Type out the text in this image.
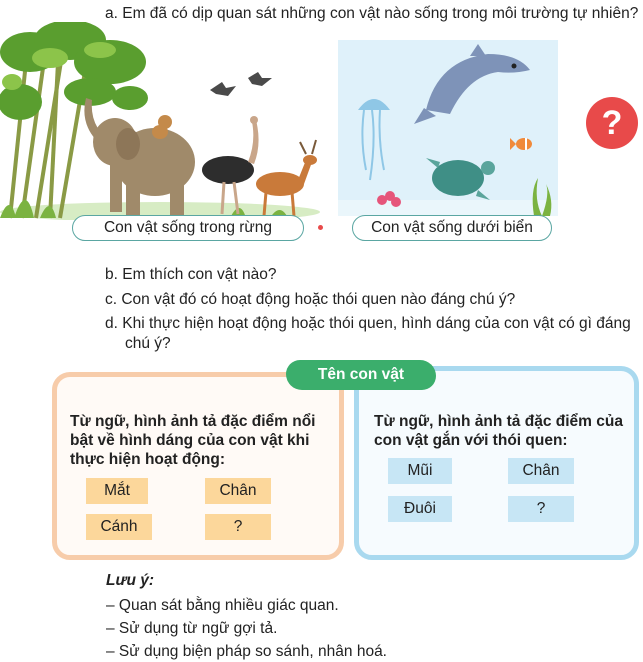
a. Em đã có dịp quan sát những con vật nào sống trong môi trường tự nhiên?
Con vật sống trong rừng	Con vật sống dưới biển
?
b. Em thích con vật nào?
c. Con vật đó có hoạt động hoặc thói quen nào đáng chú ý?
d. Khi thực hiện hoạt động hoặc thói quen, hình dáng của con vật có gì đáng chú ý?
Từ ngữ, hình ảnh tả đặc điểm nổi bật về hình dáng của con vật khi thực hiện hoạt động:
Mắt	Chân
Cánh	?
Từ ngữ, hình ảnh tả đặc điểm của con vật gắn với thói quen:
Mũi	Chân
Đuôi	?
Tên con vật
Lưu ý:
– Quan sát bằng nhiều giác quan.
– Sử dụng từ ngữ gợi tả.
– Sử dụng biện pháp so sánh, nhân hoá.
